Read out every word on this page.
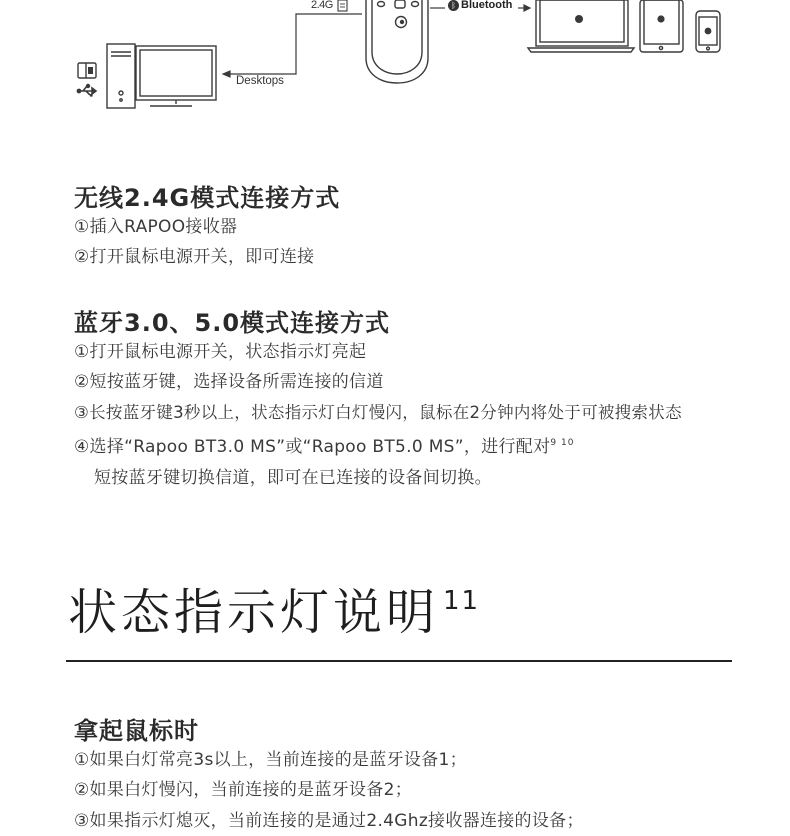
2.4G	ᛒ Bluetooth
Desktops
无线2.4G模式连接方式
①插入RAPOO接收器
②打开鼠标电源开关，即可连接
蓝牙3.0、5.0模式连接方式
①打开鼠标电源开关，状态指示灯亮起
②短按蓝牙键，选择设备所需连接的信道
③长按蓝牙键3秒以上，状态指示灯白灯慢闪，鼠标在2分钟内将处于可被搜索状态
④选择“Rapoo BT3.0 MS”或“Rapoo BT5.0 MS”，进行配对$^{9 10}$
短按蓝牙键切换信道，即可在已连接的设备间切换。
状态指示灯说明 $^{11}$
拿起鼠标时
①如果白灯常亮3s以上，当前连接的是蓝牙设备1；
②如果白灯慢闪，当前连接的是蓝牙设备2；
③如果指示灯熄灭，当前连接的是通过2.4Ghz接收器连接的设备；
